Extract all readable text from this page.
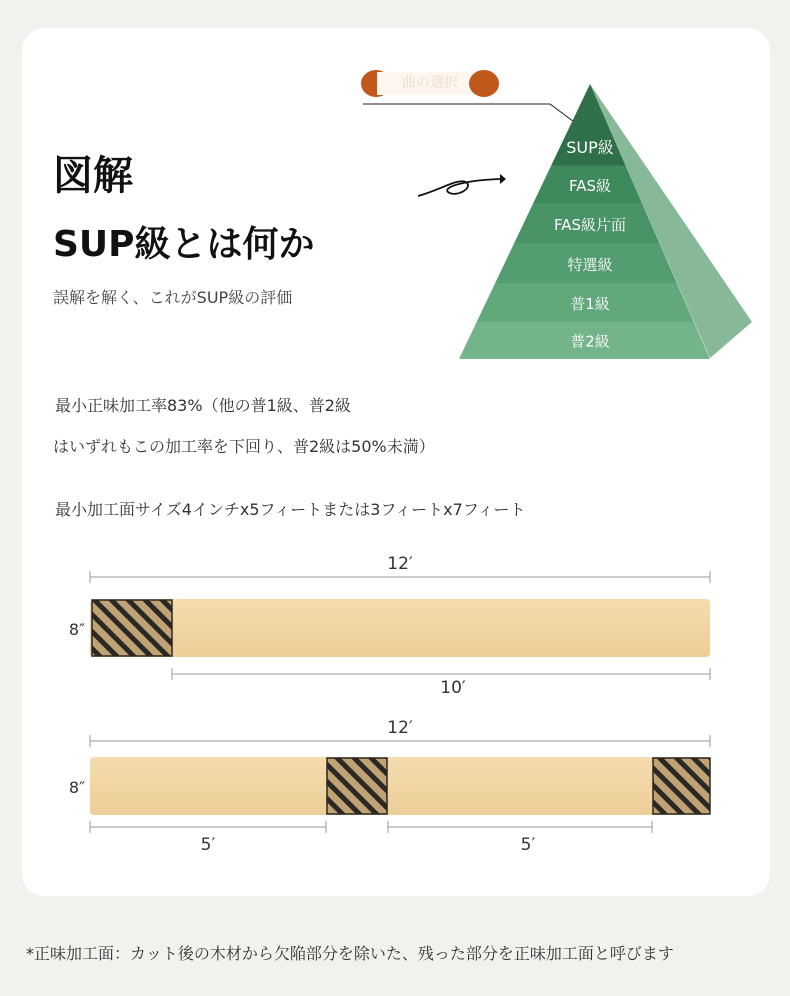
曲の選択
図解
SUP級とは何か
誤解を解く、これがSUP級の評価
SUP級
FAS級
FAS級片面
特選級
普1級
普2級
最小正味加工率83%（他の普1級、普2級
はいずれもこの加工率を下回り、普2級は50%未満）
最小加工面サイズ4インチx5フィートまたは3フィートx7フィート
12′
8″
10′
12′
8″
5′	5′
*正味加工面：カット後の木材から欠陥部分を除いた、残った部分を正味加工面と呼びます
